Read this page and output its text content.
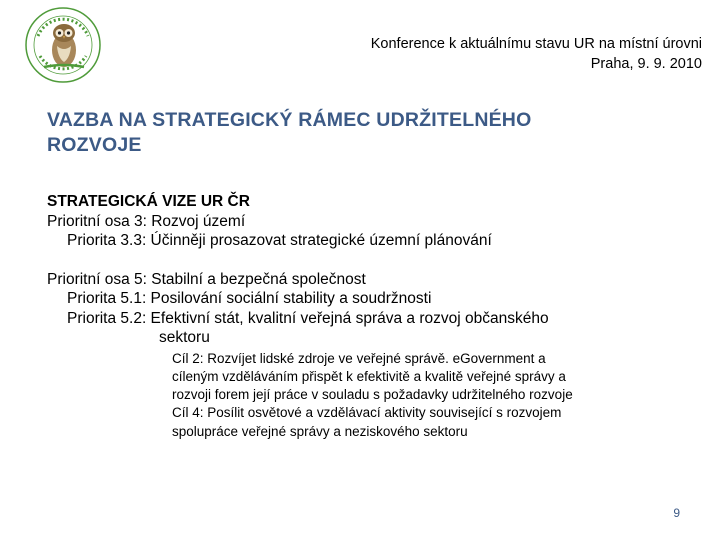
Konference k aktuálnímu stavu UR na místní úrovni
Praha, 9. 9. 2010
VAZBA NA STRATEGICKÝ RÁMEC UDRŽITELNÉHO
ROZVOJE
STRATEGICKÁ VIZE UR ČR
Prioritní osa 3: Rozvoj území
Priorita 3.3: Účinněji prosazovat strategické územní plánování
Prioritní osa 5: Stabilní a bezpečná společnost
Priorita 5.1: Posilování sociální stability a soudržnosti
Priorita 5.2: Efektivní stát, kvalitní veřejná správa a rozvoj občanského
sektoru
Cíl 2: Rozvíjet lidské zdroje ve veřejné správě. eGovernment a
cíleným vzděláváním přispět k efektivitě a kvalitě veřejné správy a
rozvoji forem její práce v souladu s požadavky udržitelného rozvoje
Cíl 4: Posílit osvětové a vzdělávací aktivity související s rozvojem
spolupráce veřejné správy a neziskového sektoru
9
